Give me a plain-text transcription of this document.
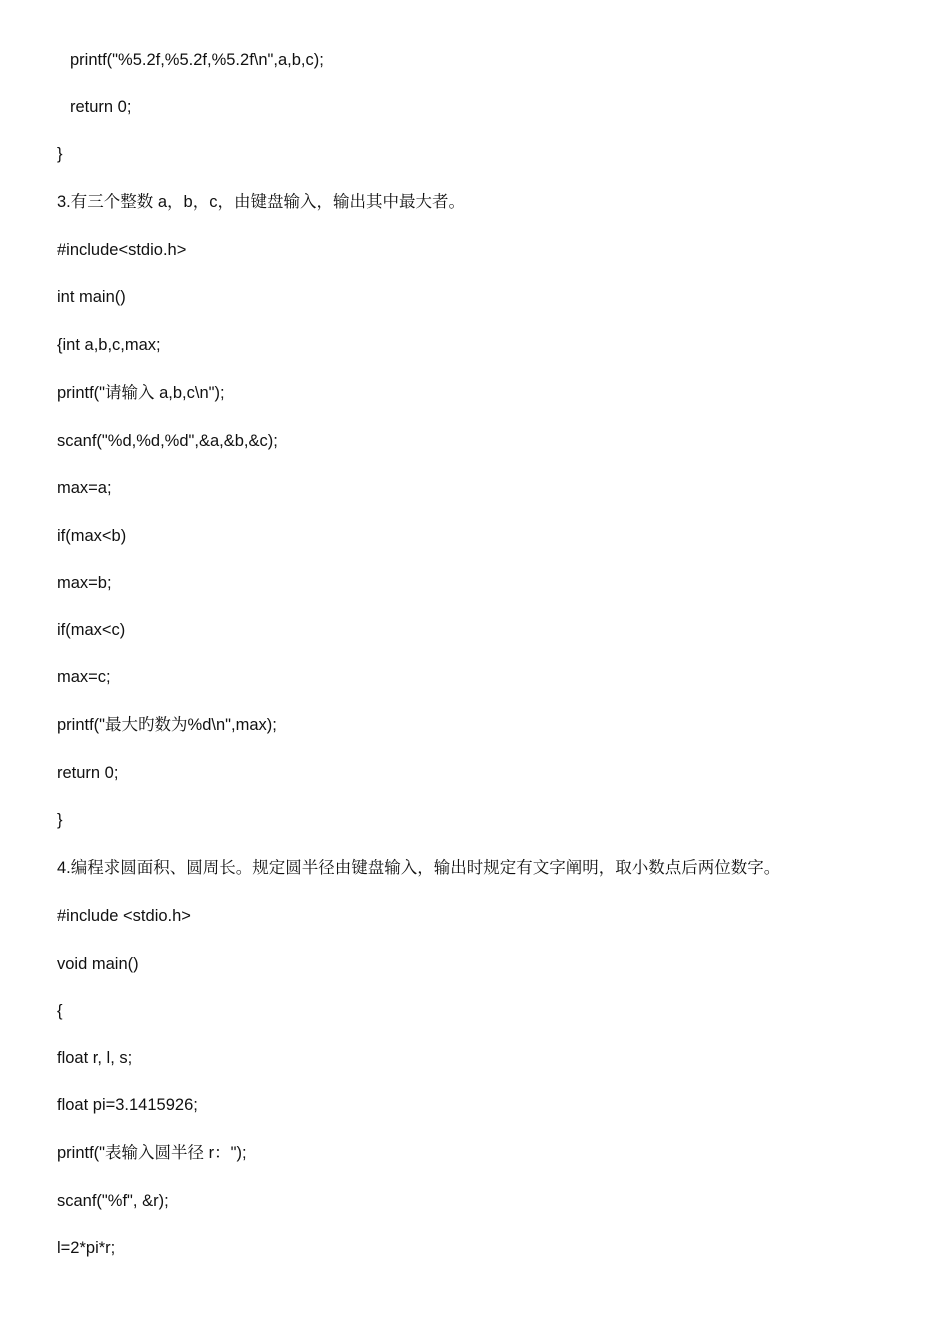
printf("%5.2f,%5.2f,%5.2f\n",a,b,c);
return 0;
}
3.有三个整数 a，b，c，由键盘输入，输出其中最大者。
#include<stdio.h>
int main()
{int a,b,c,max;
printf("请输入 a,b,c\n");
scanf("%d,%d,%d",&a,&b,&c);
max=a;
if(max<b)
max=b;
if(max<c)
max=c;
printf("最大旳数为%d\n",max);
return 0;
}
4.编程求圆面积、圆周长。规定圆半径由键盘输入，输出时规定有文字阐明，取小数点后两位数字。
#include <stdio.h>
void main()
{
float r, l, s;
float pi=3.1415926;
printf("表输入圆半径 r：");
scanf("%f", &r);
l=2*pi*r;
